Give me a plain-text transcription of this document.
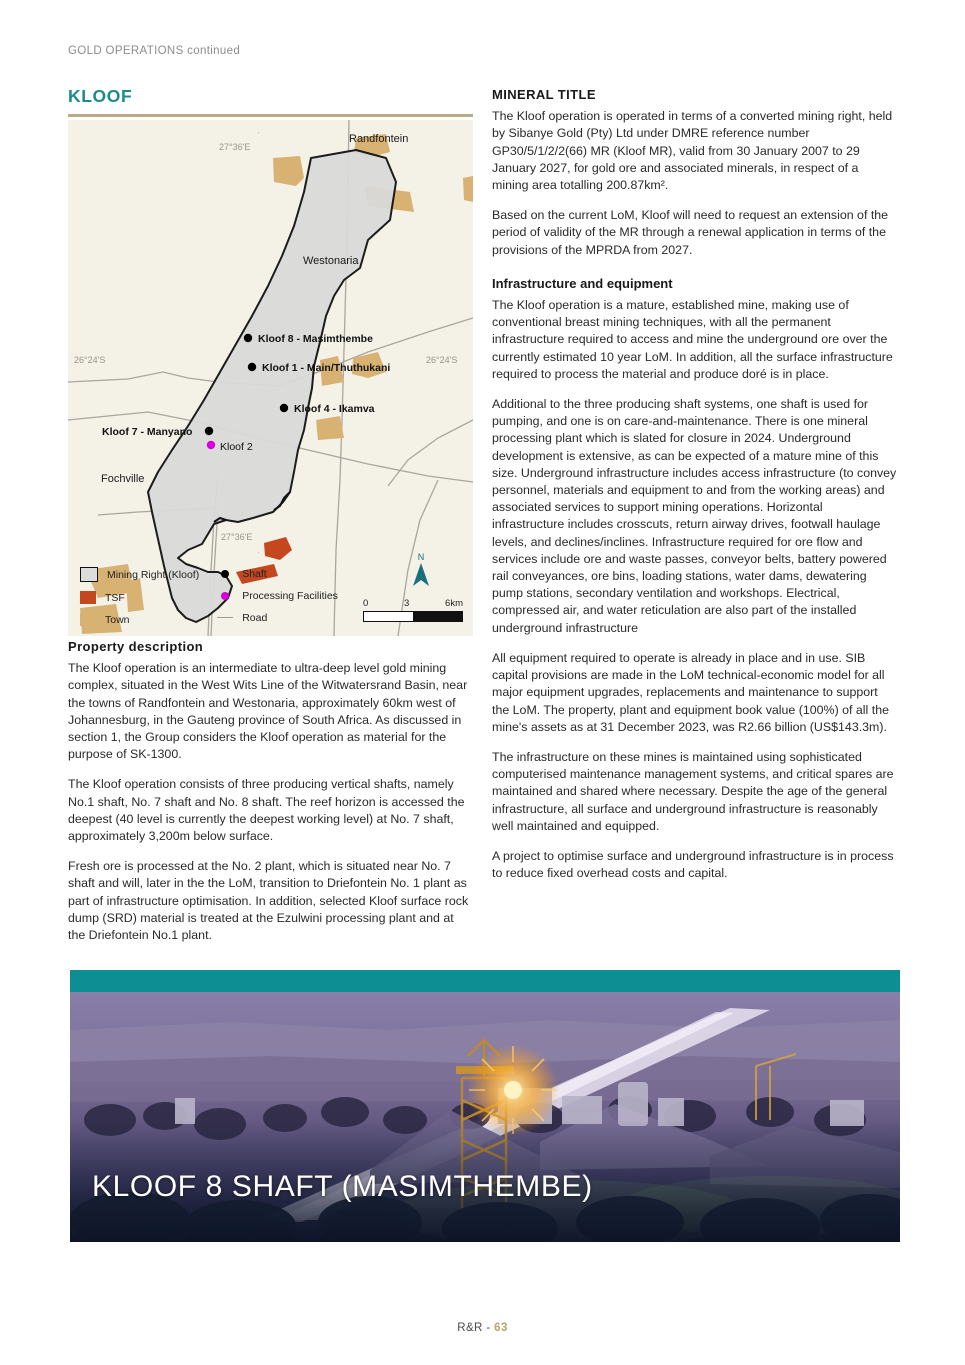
GOLD OPERATIONS continued
KLOOF
27°36'E
27°36'E
26°24'S	26°24'S
'
'
Randfontein
Westonaria
Fochville
Kloof 8 - Masimthembe
Kloof 1 - Main/Thuthukani
Kloof 4 - Ikamva
Kloof 7 - Manyano
Kloof 2
Mining Right (Kloof)
TSF
Town
Shaft
Processing Facilities
Road
N
0	3	6km
Property description

The Kloof operation is an intermediate to ultra-deep level gold mining complex, situated in the West Wits Line of the Witwatersrand Basin, near the towns of Randfontein and Westonaria, approximately 60km west of Johannesburg, in the Gauteng province of South Africa. As discussed in section 1, the Group considers the Kloof operation as material for the purpose of SK-1300.

The Kloof operation consists of three producing vertical shafts, namely No.1 shaft, No. 7 shaft and No. 8 shaft. The reef horizon is accessed the deepest (40 level is currently the deepest working level) at No. 7 shaft, approximately 3,200m below surface.

Fresh ore is processed at the No. 2 plant, which is situated near No. 7 shaft and will, later in the the LoM, transition to Driefontein No. 1 plant as part of infrastructure optimisation. In addition, selected Kloof surface rock dump (SRD) material is treated at the Ezulwini processing plant and at the Driefontein No.1 plant.

MINERAL TITLE

The Kloof operation is operated in terms of a converted mining right, held by Sibanye Gold (Pty) Ltd under DMRE reference number GP30/5/1/2/2(66) MR (Kloof MR), valid from 30 January 2007 to 29 January 2027, for gold ore and associated minerals, in respect of a mining area totalling 200.87km².

Based on the current LoM, Kloof will need to request an extension of the period of validity of the MR through a renewal application in terms of the provisions of the MPRDA from 2027.

Infrastructure and equipment

The Kloof operation is a mature, established mine, making use of conventional breast mining techniques, with all the permanent infrastructure required to access and mine the underground ore over the currently estimated 10 year LoM. In addition, all the surface infrastructure required to process the material and produce doré is in place.

Additional to the three producing shaft systems, one shaft is used for pumping, and one is on care-and-maintenance. There is one mineral processing plant which is slated for closure in 2024. Underground development is extensive, as can be expected of a mature mine of this size. Underground infrastructure includes access infrastructure (to convey personnel, materials and equipment to and from the working areas) and associated services to support mining operations. Horizontal infrastructure includes crosscuts, return airway drives, footwall haulage levels, and declines/inclines. Infrastructure required for ore flow and services include ore and waste passes, conveyor belts, battery powered rail conveyances, ore bins, loading stations, water dams, dewatering pump stations, secondary ventilation and workshops. Electrical, compressed air, and water reticulation are also part of the installed underground infrastructure

All equipment required to operate is already in place and in use. SIB capital provisions are made in the LoM technical-economic model for all major equipment upgrades, replacements and maintenance to support the LoM. The property, plant and equipment book value (100%) of all the mine's assets as at 31 December 2023, was R2.66 billion (US$143.3m).

The infrastructure on these mines is maintained using sophisticated computerised maintenance management systems, and critical spares are maintained and shared where necessary. Despite the age of the general infrastructure, all surface and underground infrastructure is reasonably well maintained and equipped.

A project to optimise surface and underground infrastructure is in process to reduce fixed overhead costs and capital.

KLOOF 8 SHAFT (MASIMTHEMBE)
R&R - 63
